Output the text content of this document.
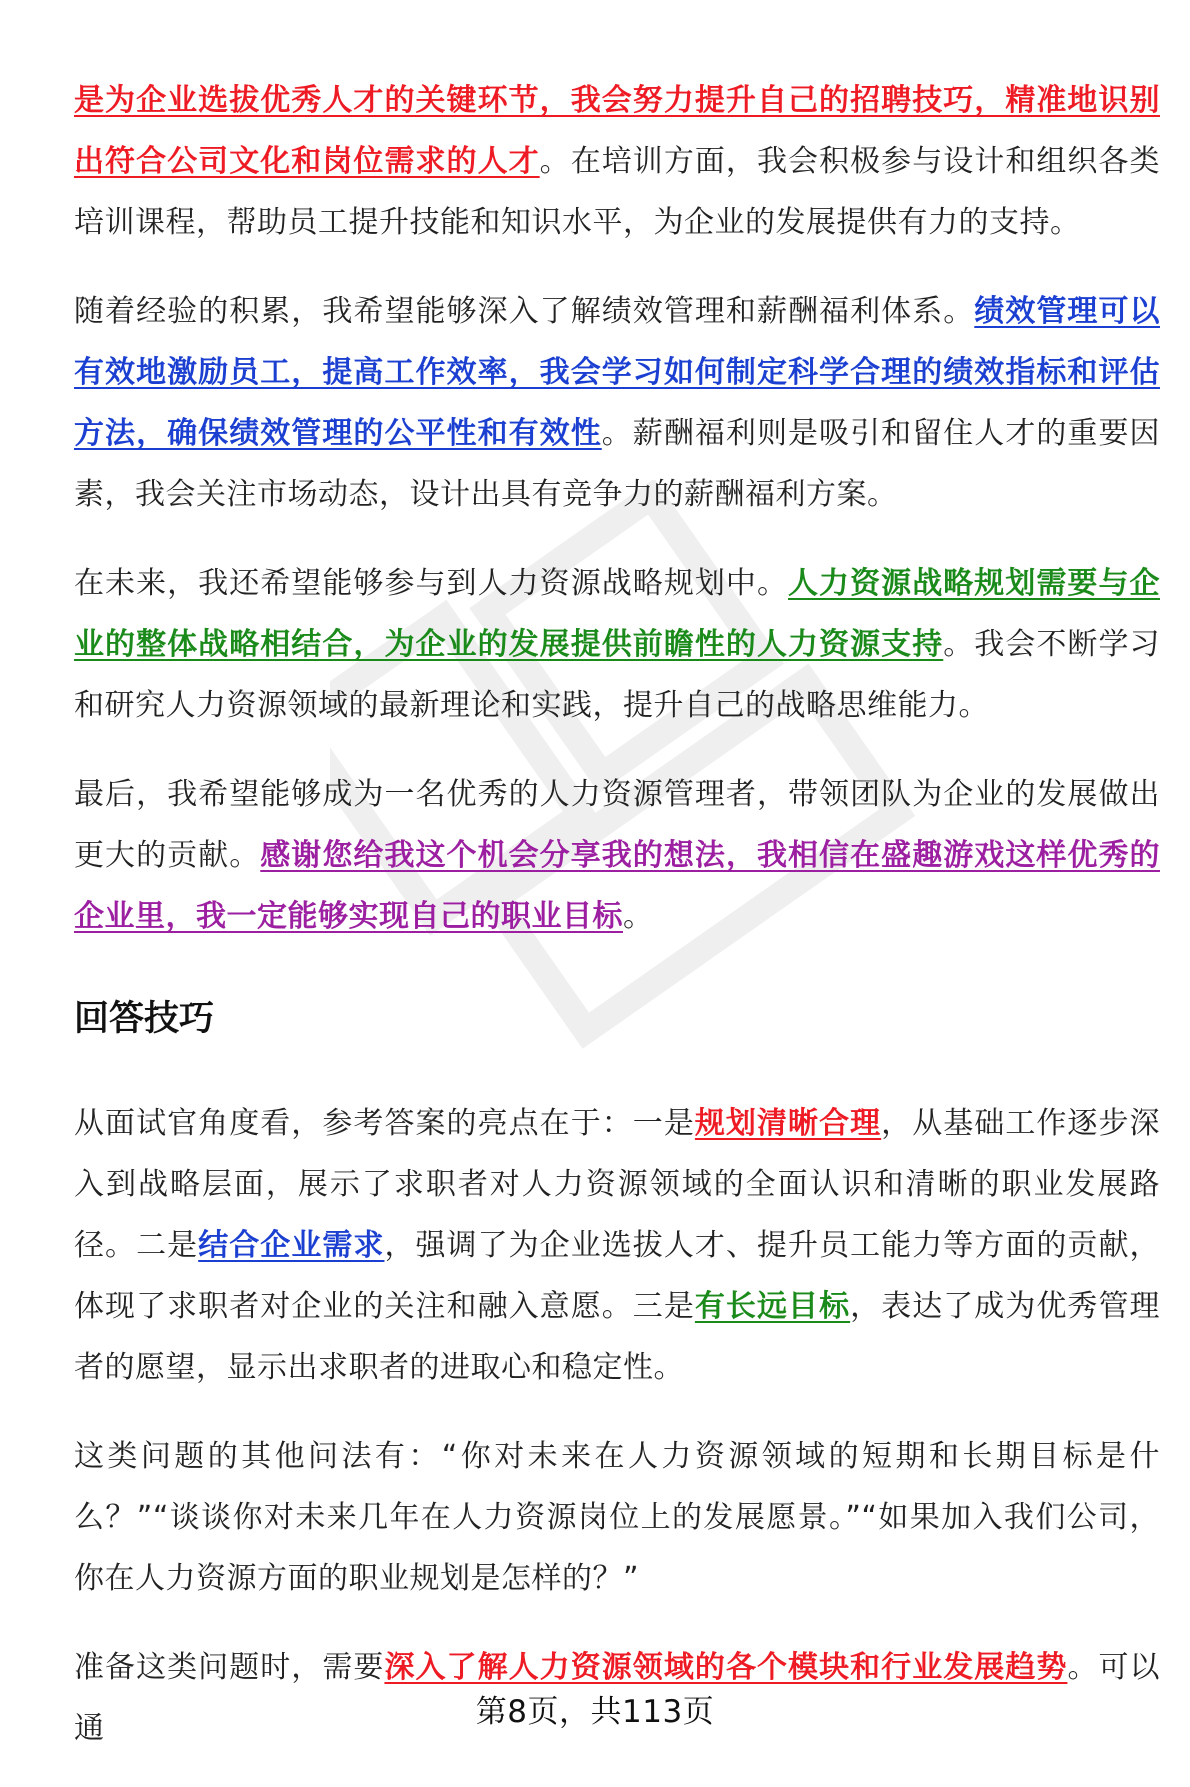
是为企业选拔优秀人才的关键环节，我会努力提升自己的招聘技巧，精准地识别出符合公司文化和岗位需求的人才。在培训方面，我会积极参与设计和组织各类培训课程，帮助员工提升技能和知识水平，为企业的发展提供有力的支持。

随着经验的积累，我希望能够深入了解绩效管理和薪酬福利体系。绩效管理可以有效地激励员工，提高工作效率，我会学习如何制定科学合理的绩效指标和评估方法，确保绩效管理的公平性和有效性。薪酬福利则是吸引和留住人才的重要因素，我会关注市场动态，设计出具有竞争力的薪酬福利方案。

在未来，我还希望能够参与到人力资源战略规划中。人力资源战略规划需要与企业的整体战略相结合，为企业的发展提供前瞻性的人力资源支持。我会不断学习和研究人力资源领域的最新理论和实践，提升自己的战略思维能力。

最后，我希望能够成为一名优秀的人力资源管理者，带领团队为企业的发展做出更大的贡献。感谢您给我这个机会分享我的想法，我相信在盛趣游戏这样优秀的企业里，我一定能够实现自己的职业目标。

回答技巧

从面试官角度看，参考答案的亮点在于：一是规划清晰合理，从基础工作逐步深入到战略层面，展示了求职者对人力资源领域的全面认识和清晰的职业发展路径。二是结合企业需求，强调了为企业选拔人才、提升员工能力等方面的贡献，体现了求职者对企业的关注和融入意愿。三是有长远目标，表达了成为优秀管理者的愿望，显示出求职者的进取心和稳定性。

这类问题的其他问法有：“你对未来在人力资源领域的短期和长期目标是什么？”“谈谈你对未来几年在人力资源岗位上的发展愿景。”“如果加入我们公司，你在人力资源方面的职业规划是怎样的？”

准备这类问题时，需要深入了解人力资源领域的各个模块和行业发展趋势。可以通	第8页，共113页
